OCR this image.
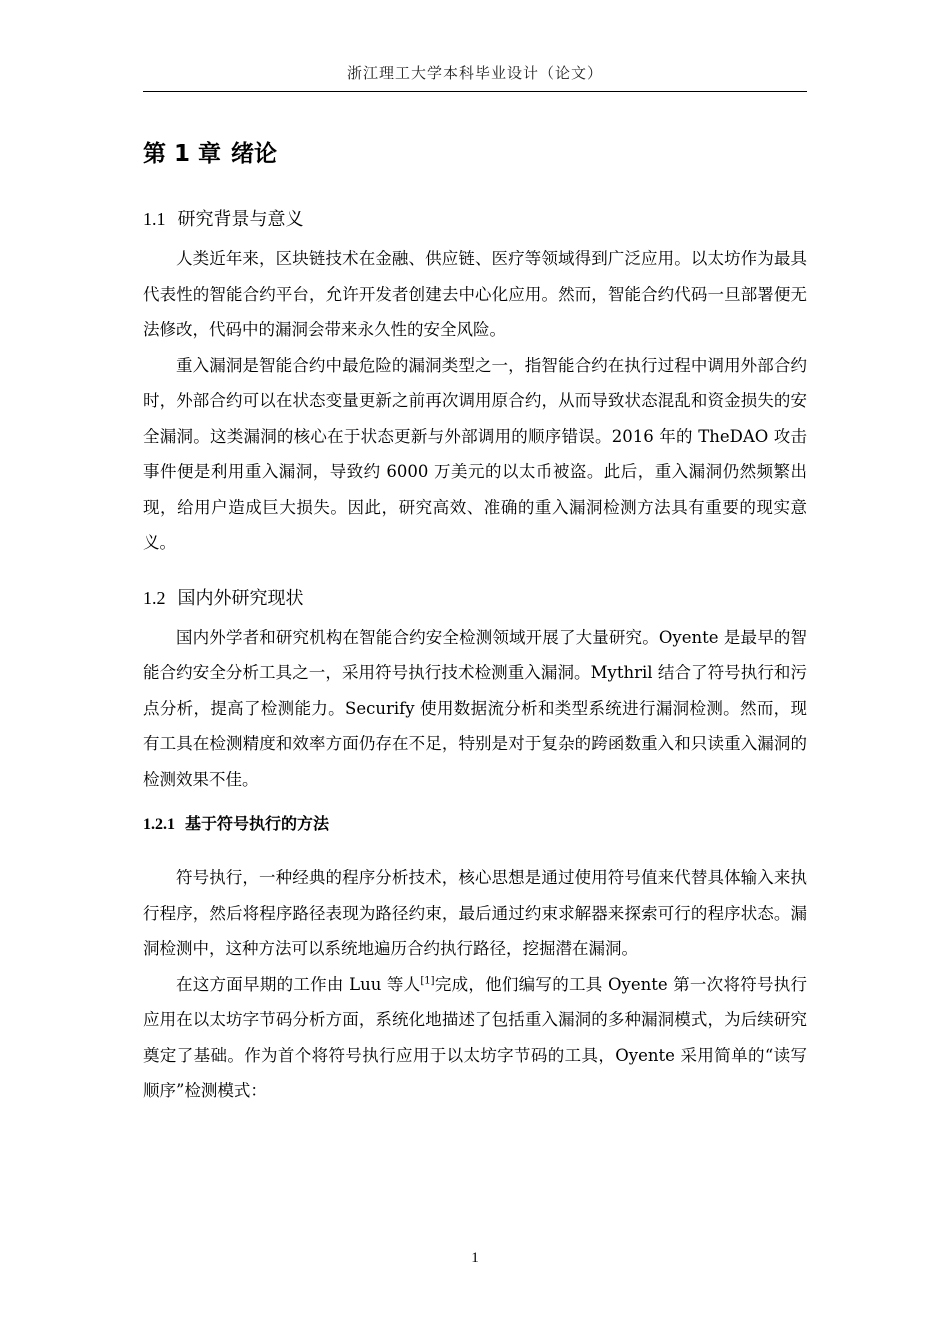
浙江理工大学本科毕业设计（论文）
第 1 章 绪论
1.1 研究背景与意义

人类近年来，区块链技术在金融、供应链、医疗等领域得到广泛应用。以太坊作为最具代表性的智能合约平台，允许开发者创建去中心化应用。然而，智能合约代码一旦部署便无法修改，代码中的漏洞会带来永久性的安全风险。

重入漏洞是智能合约中最危险的漏洞类型之一，指智能合约在执行过程中调用外部合约时，外部合约可以在状态变量更新之前再次调用原合约，从而导致状态混乱和资金损失的安全漏洞。这类漏洞的核心在于状态更新与外部调用的顺序错误。2016 年的 TheDAO 攻击事件便是利用重入漏洞，导致约 6000 万美元的以太币被盗。此后，重入漏洞仍然频繁出现，给用户造成巨大损失。因此，研究高效、准确的重入漏洞检测方法具有重要的现实意义。

1.2 国内外研究现状

国内外学者和研究机构在智能合约安全检测领域开展了大量研究。Oyente 是最早的智能合约安全分析工具之一，采用符号执行技术检测重入漏洞。Mythril 结合了符号执行和污点分析，提高了检测能力。Securify 使用数据流分析和类型系统进行漏洞检测。然而，现有工具在检测精度和效率方面仍存在不足，特别是对于复杂的跨函数重入和只读重入漏洞的检测效果不佳。

1.2.1 基于符号执行的方法

符号执行，一种经典的程序分析技术，核心思想是通过使用符号值来代替具体输入来执行程序，然后将程序路径表现为路径约束，最后通过约束求解器来探索可行的程序状态。漏洞检测中，这种方法可以系统地遍历合约执行路径，挖掘潜在漏洞。

在这方面早期的工作由 Luu 等人[1]完成，他们编写的工具 Oyente 第一次将符号执行应用在以太坊字节码分析方面，系统化地描述了包括重入漏洞的多种漏洞模式，为后续研究奠定了基础。作为首个将符号执行应用于以太坊字节码的工具，Oyente 采用简单的“读写顺序”检测模式：

1
